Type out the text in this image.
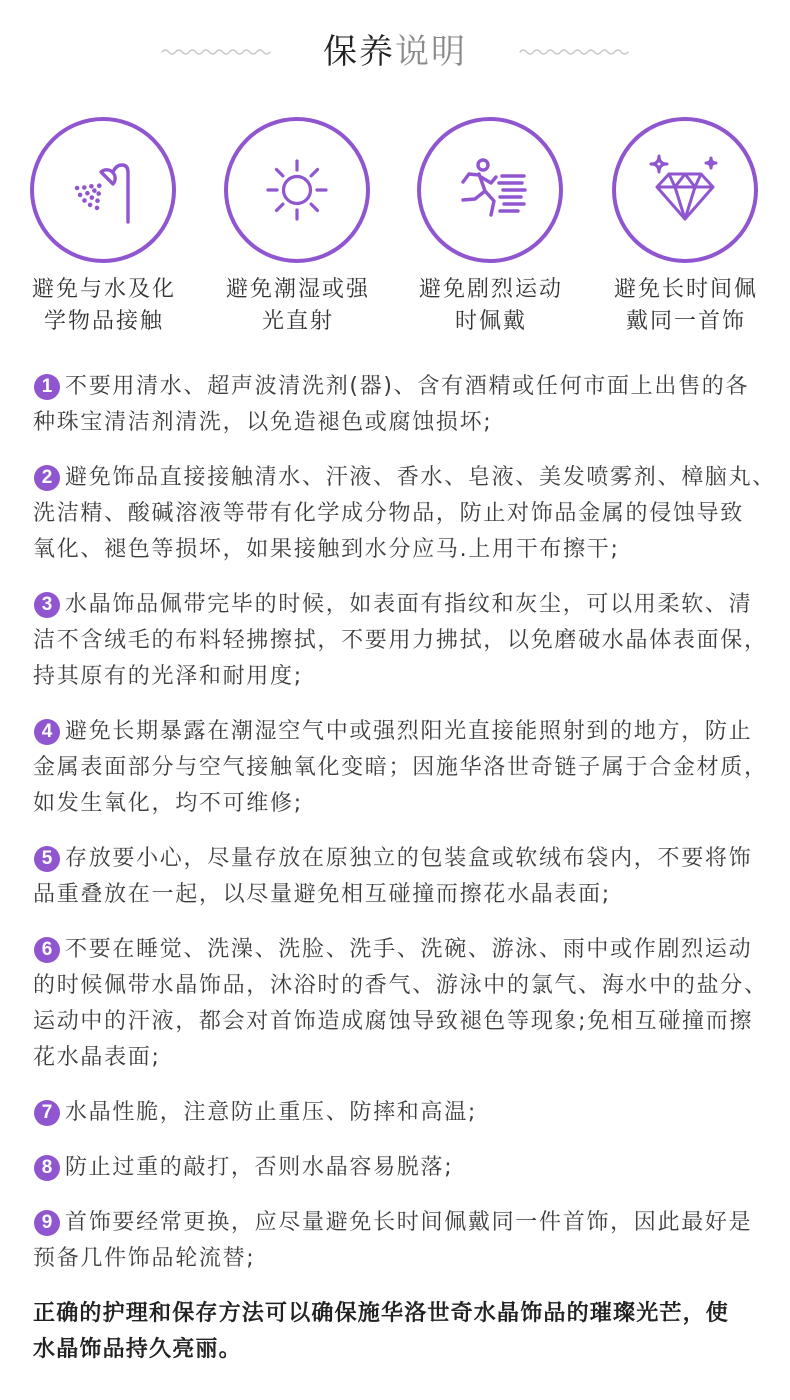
保养说明
避免与水及化
学物品接触
避免潮湿或强
光直射
避免剧烈运动
时佩戴
避免长时间佩
戴同一首饰
1 不要用清水、超声波清洗剂(器)、含有酒精或任何市面上出售的各
种珠宝清洁剂清洗，以免造褪色或腐蚀损坏;
2 避免饰品直接接触清水、汗液、香水、皂液、美发喷雾剂、樟脑丸、
洗洁精、酸碱溶液等带有化学成分物品，防止对饰品金属的侵蚀导致
氧化、褪色等损坏，如果接触到水分应马.上用干布擦干;
3 水晶饰品佩带完毕的时候，如表面有指纹和灰尘，可以用柔软、清
洁不含绒毛的布料轻拂擦拭，不要用力拂拭，以免磨破水晶体表面保，
持其原有的光泽和耐用度;
4 避免长期暴露在潮湿空气中或强烈阳光直接能照射到的地方，防止
金属表面部分与空气接触氧化变暗；因施华洛世奇链子属于合金材质，
如发生氧化，均不可维修;
5 存放要小心，尽量存放在原独立的包装盒或软绒布袋内，不要将饰
品重叠放在一起，以尽量避免相互碰撞而擦花水晶表面;
6 不要在睡觉、洗澡、洗脸、洗手、洗碗、游泳、雨中或作剧烈运动
的时候佩带水晶饰品，沐浴时的香气、游泳中的氯气、海水中的盐分、
运动中的汗液，都会对首饰造成腐蚀导致褪色等现象;免相互碰撞而擦
花水晶表面;
7 水晶性脆，注意防止重压、防摔和高温;
8 防止过重的敲打，否则水晶容易脱落;
9 首饰要经常更换，应尽量避免长时间佩戴同一件首饰，因此最好是
预备几件饰品轮流替;
正确的护理和保存方法可以确保施华洛世奇水晶饰品的璀璨光芒，使
水晶饰品持久亮丽。
